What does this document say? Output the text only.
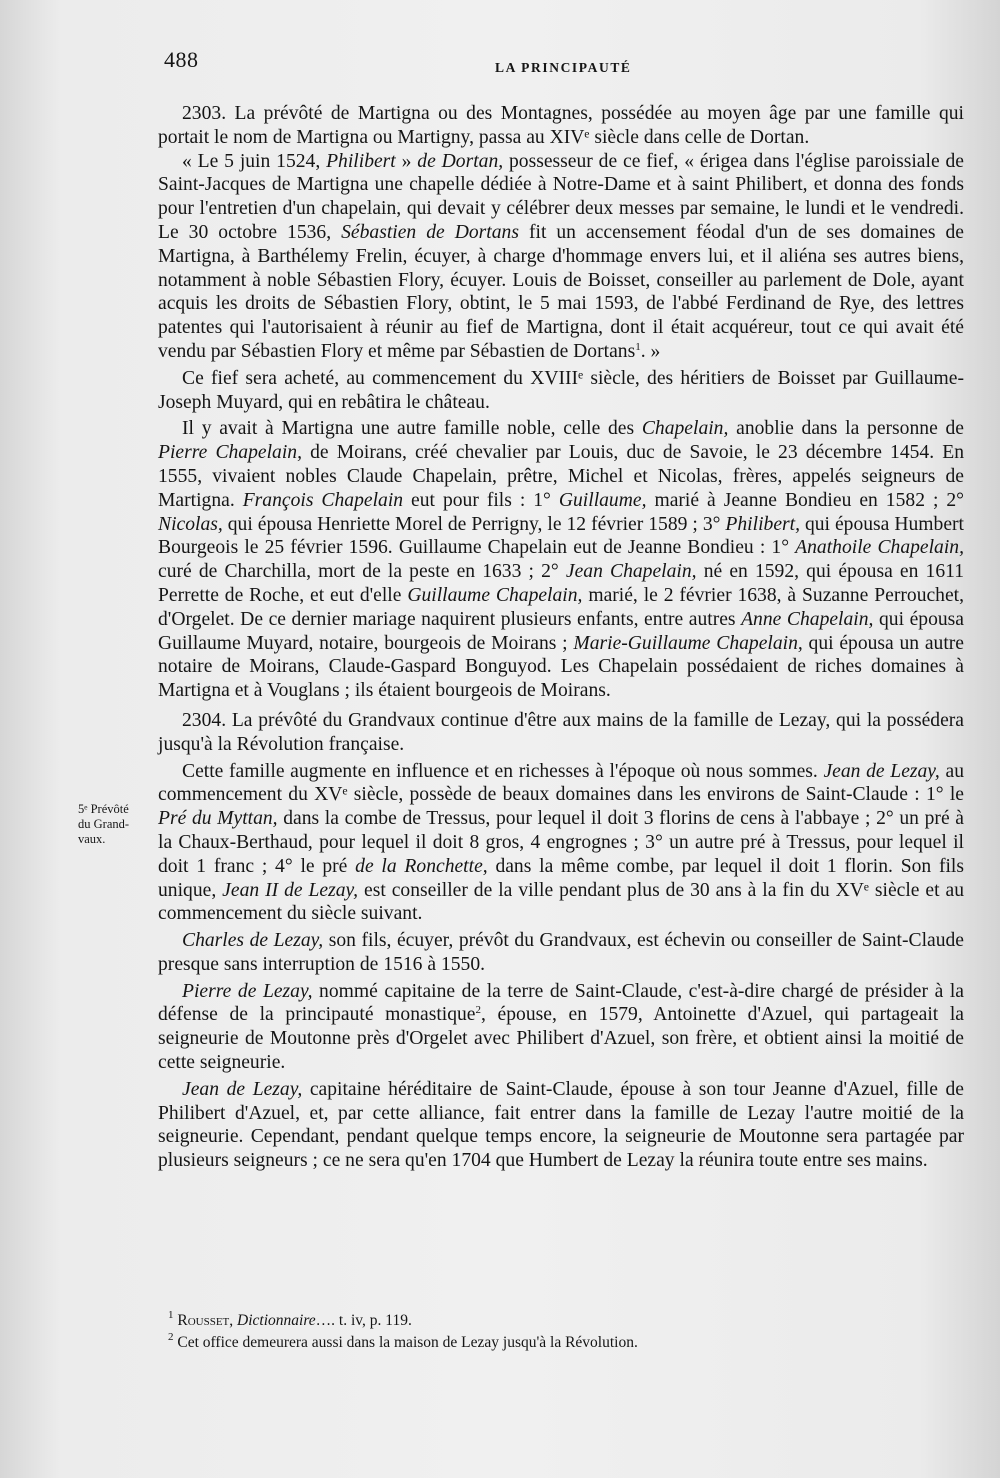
488	LA PRINCIPAUTÉ
5ᵉ Prévôté
du Grand-
vaux.

2303. La prévôté de Martigna ou des Montagnes, possédée au moyen âge par une famille qui portait le nom de Martigna ou Martigny, passa au XIVᵉ siècle dans celle de Dortan.

« Le 5 juin 1524, Philibert » de Dortan, possesseur de ce fief, « érigea dans l'église paroissiale de Saint-Jacques de Martigna une chapelle dédiée à Notre-Dame et à saint Philibert, et donna des fonds pour l'entretien d'un chapelain, qui devait y célébrer deux messes par semaine, le lundi et le vendredi. Le 30 octobre 1536, Sébastien de Dortans fit un accensement féodal d'un de ses domaines de Martigna, à Barthélemy Frelin, écuyer, à charge d'hommage envers lui, et il aliéna ses autres biens, notamment à noble Sébastien Flory, écuyer. Louis de Boisset, conseiller au parlement de Dole, ayant acquis les droits de Sébastien Flory, obtint, le 5 mai 1593, de l'abbé Ferdinand de Rye, des lettres patentes qui l'autorisaient à réunir au fief de Martigna, dont il était acquéreur, tout ce qui avait été vendu par Sébastien Flory et même par Sébastien de Dortans$^1$. »

Ce fief sera acheté, au commencement du XVIIIᵉ siècle, des héritiers de Boisset par Guillaume-Joseph Muyard, qui en rebâtira le château.

Il y avait à Martigna une autre famille noble, celle des Chapelain, anoblie dans la personne de Pierre Chapelain, de Moirans, créé chevalier par Louis, duc de Savoie, le 23 décembre 1454. En 1555, vivaient nobles Claude Chapelain, prêtre, Michel et Nicolas, frères, appelés seigneurs de Martigna. François Chapelain eut pour fils : 1° Guillaume, marié à Jeanne Bondieu en 1582 ; 2° Nicolas, qui épousa Henriette Morel de Perrigny, le 12 février 1589 ; 3° Philibert, qui épousa Humbert Bourgeois le 25 février 1596. Guillaume Chapelain eut de Jeanne Bondieu : 1° Anathoile Chapelain, curé de Charchilla, mort de la peste en 1633 ; 2° Jean Chapelain, né en 1592, qui épousa en 1611 Perrette de Roche, et eut d'elle Guillaume Chapelain, marié, le 2 février 1638, à Suzanne Perrouchet, d'Orgelet. De ce dernier mariage naquirent plusieurs enfants, entre autres Anne Chapelain, qui épousa Guillaume Muyard, notaire, bourgeois de Moirans ; Marie-Guillaume Chapelain, qui épousa un autre notaire de Moirans, Claude-Gaspard Bonguyod. Les Chapelain possédaient de riches domaines à Martigna et à Vouglans ; ils étaient bourgeois de Moirans.

2304. La prévôté du Grandvaux continue d'être aux mains de la famille de Lezay, qui la possédera jusqu'à la Révolution française.

Cette famille augmente en influence et en richesses à l'époque où nous sommes. Jean de Lezay, au commencement du XVᵉ siècle, possède de beaux domaines dans les environs de Saint-Claude : 1° le Pré du Myttan, dans la combe de Tressus, pour lequel il doit 3 florins de cens à l'abbaye ; 2° un pré à la Chaux-Berthaud, pour lequel il doit 8 gros, 4 engrognes ; 3° un autre pré à Tressus, pour lequel il doit 1 franc ; 4° le pré de la Ronchette, dans la même combe, par lequel il doit 1 florin. Son fils unique, Jean II de Lezay, est conseiller de la ville pendant plus de 30 ans à la fin du XVᵉ siècle et au commencement du siècle suivant.

Charles de Lezay, son fils, écuyer, prévôt du Grandvaux, est échevin ou conseiller de Saint-Claude presque sans interruption de 1516 à 1550.

Pierre de Lezay, nommé capitaine de la terre de Saint-Claude, c'est-à-dire chargé de présider à la défense de la principauté monastique$^2$, épouse, en 1579, Antoinette d'Azuel, qui partageait la seigneurie de Moutonne près d'Orgelet avec Philibert d'Azuel, son frère, et obtient ainsi la moitié de cette seigneurie.

Jean de Lezay, capitaine héréditaire de Saint-Claude, épouse à son tour Jeanne d'Azuel, fille de Philibert d'Azuel, et, par cette alliance, fait entrer dans la famille de Lezay l'autre moitié de la seigneurie. Cependant, pendant quelque temps encore, la seigneurie de Moutonne sera partagée par plusieurs seigneurs ; ce ne sera qu'en 1704 que Humbert de Lezay la réunira toute entre ses mains.

$^1$ Rousset, Dictionnaire…. t. iv, p. 119.
$^2$ Cet office demeurera aussi dans la maison de Lezay jusqu'à la Révolution.
